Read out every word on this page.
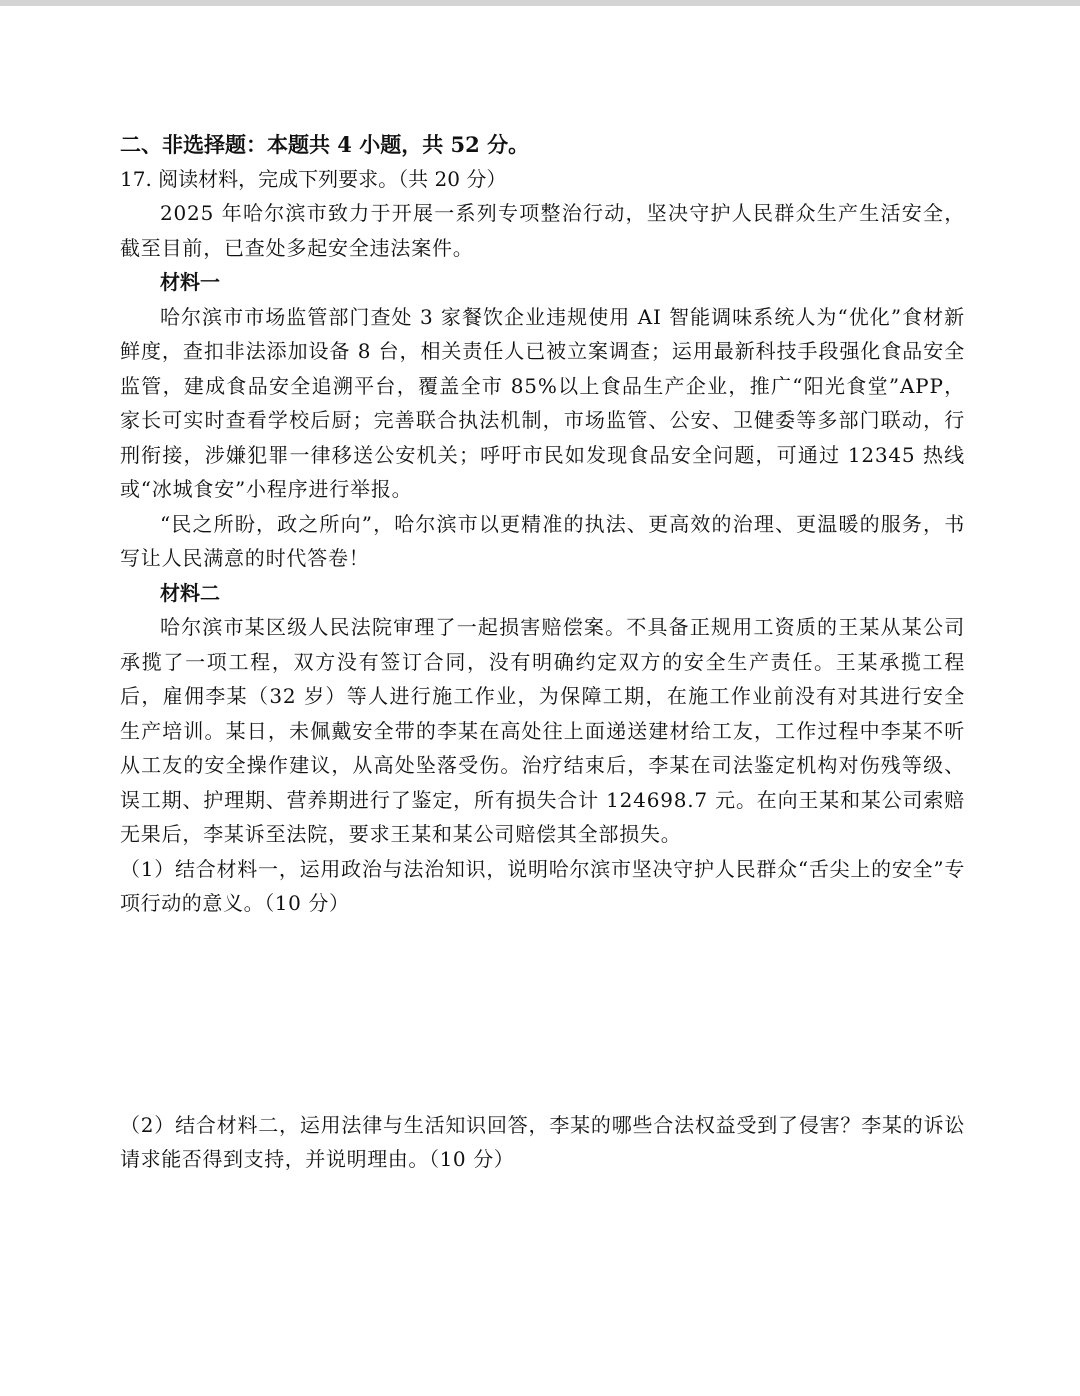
二、非选择题：本题共 4 小题，共 52 分。
17. 阅读材料，完成下列要求。（共 20 分）

2025 年哈尔滨市致力于开展一系列专项整治行动，坚决守护人民群众生产生活安全，截至目前，已查处多起安全违法案件。

材料一

哈尔滨市市场监管部门查处 3 家餐饮企业违规使用 AI 智能调味系统人为“优化”食材新鲜度，查扣非法添加设备 8 台，相关责任人已被立案调查；运用最新科技手段强化食品安全监管，建成食品安全追溯平台，覆盖全市 85%以上食品生产企业，推广“阳光食堂”APP，家长可实时查看学校后厨；完善联合执法机制，市场监管、公安、卫健委等多部门联动，行刑衔接，涉嫌犯罪一律移送公安机关；呼吁市民如发现食品安全问题，可通过 12345 热线或“冰城食安”小程序进行举报。

“民之所盼，政之所向”，哈尔滨市以更精准的执法、更高效的治理、更温暖的服务，书写让人民满意的时代答卷！

材料二

哈尔滨市某区级人民法院审理了一起损害赔偿案。不具备正规用工资质的王某从某公司承揽了一项工程，双方没有签订合同，没有明确约定双方的安全生产责任。王某承揽工程后，雇佣李某（32 岁）等人进行施工作业，为保障工期，在施工作业前没有对其进行安全生产培训。某日，未佩戴安全带的李某在高处往上面递送建材给工友，工作过程中李某不听从工友的安全操作建议，从高处坠落受伤。治疗结束后，李某在司法鉴定机构对伤残等级、误工期、护理期、营养期进行了鉴定，所有损失合计 124698.7 元。在向王某和某公司索赔无果后，李某诉至法院，要求王某和某公司赔偿其全部损失。

（1）结合材料一，运用政治与法治知识，说明哈尔滨市坚决守护人民群众“舌尖上的安全”专项行动的意义。（10 分）

（2）结合材料二，运用法律与生活知识回答，李某的哪些合法权益受到了侵害？李某的诉讼请求能否得到支持，并说明理由。（10 分）
